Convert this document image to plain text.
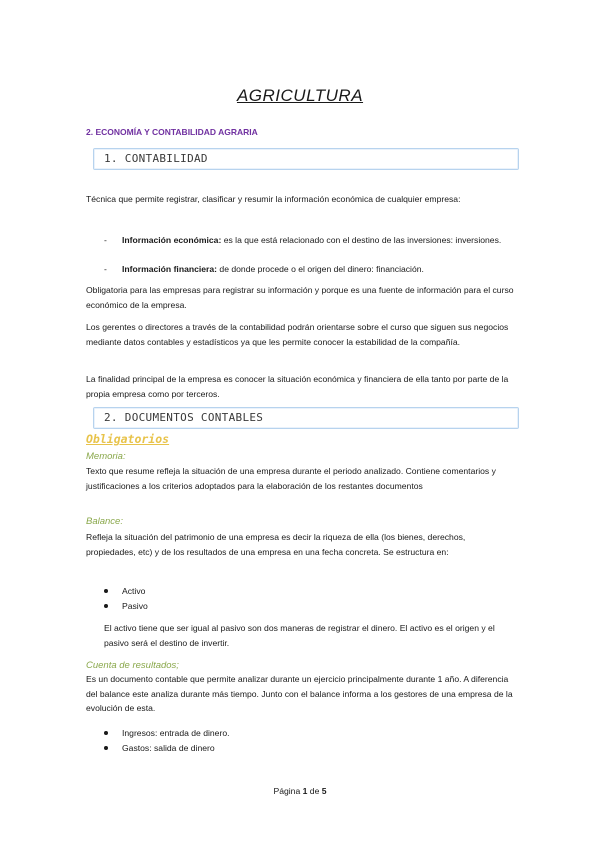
AGRICULTURA
2. ECONOMÍA Y CONTABILIDAD AGRARIA
1. CONTABILIDAD
Técnica que permite registrar, clasificar y resumir la información económica de cualquier empresa:
- Información económica: es la que está relacionado con el destino de las inversiones: inversiones.
- Información financiera: de donde procede o el origen del dinero: financiación.
Obligatoria para las empresas para registrar su información y porque es una fuente de información para el curso económico de la empresa.
Los gerentes o directores a través de la contabilidad podrán orientarse sobre el curso que siguen sus negocios mediante datos contables y estadísticos ya que les permite conocer la estabilidad de la compañía.
La finalidad principal de la empresa es conocer la situación económica y financiera de ella tanto por parte de la propia empresa como por terceros.
2. DOCUMENTOS CONTABLES
Obligatorios
Memoria:
Texto que resume refleja la situación de una empresa durante el periodo analizado. Contiene comentarios y justificaciones a los criterios adoptados para la elaboración de los restantes documentos
Balance:
Refleja la situación del patrimonio de una empresa es decir la riqueza de ella (los bienes, derechos, propiedades, etc) y de los resultados de una empresa en una fecha concreta. Se estructura en:
Activo
Pasivo
El activo tiene que ser igual al pasivo son dos maneras de registrar el dinero. El activo es el origen y el pasivo será el destino de invertir.
Cuenta de resultados;
Es un documento contable que permite analizar durante un ejercicio principalmente durante 1 año. A diferencia del balance este analiza durante más tiempo. Junto con el balance informa a los gestores de una empresa de la evolución de esta.
Ingresos: entrada de dinero.
Gastos: salida de dinero
Página 1 de 5
